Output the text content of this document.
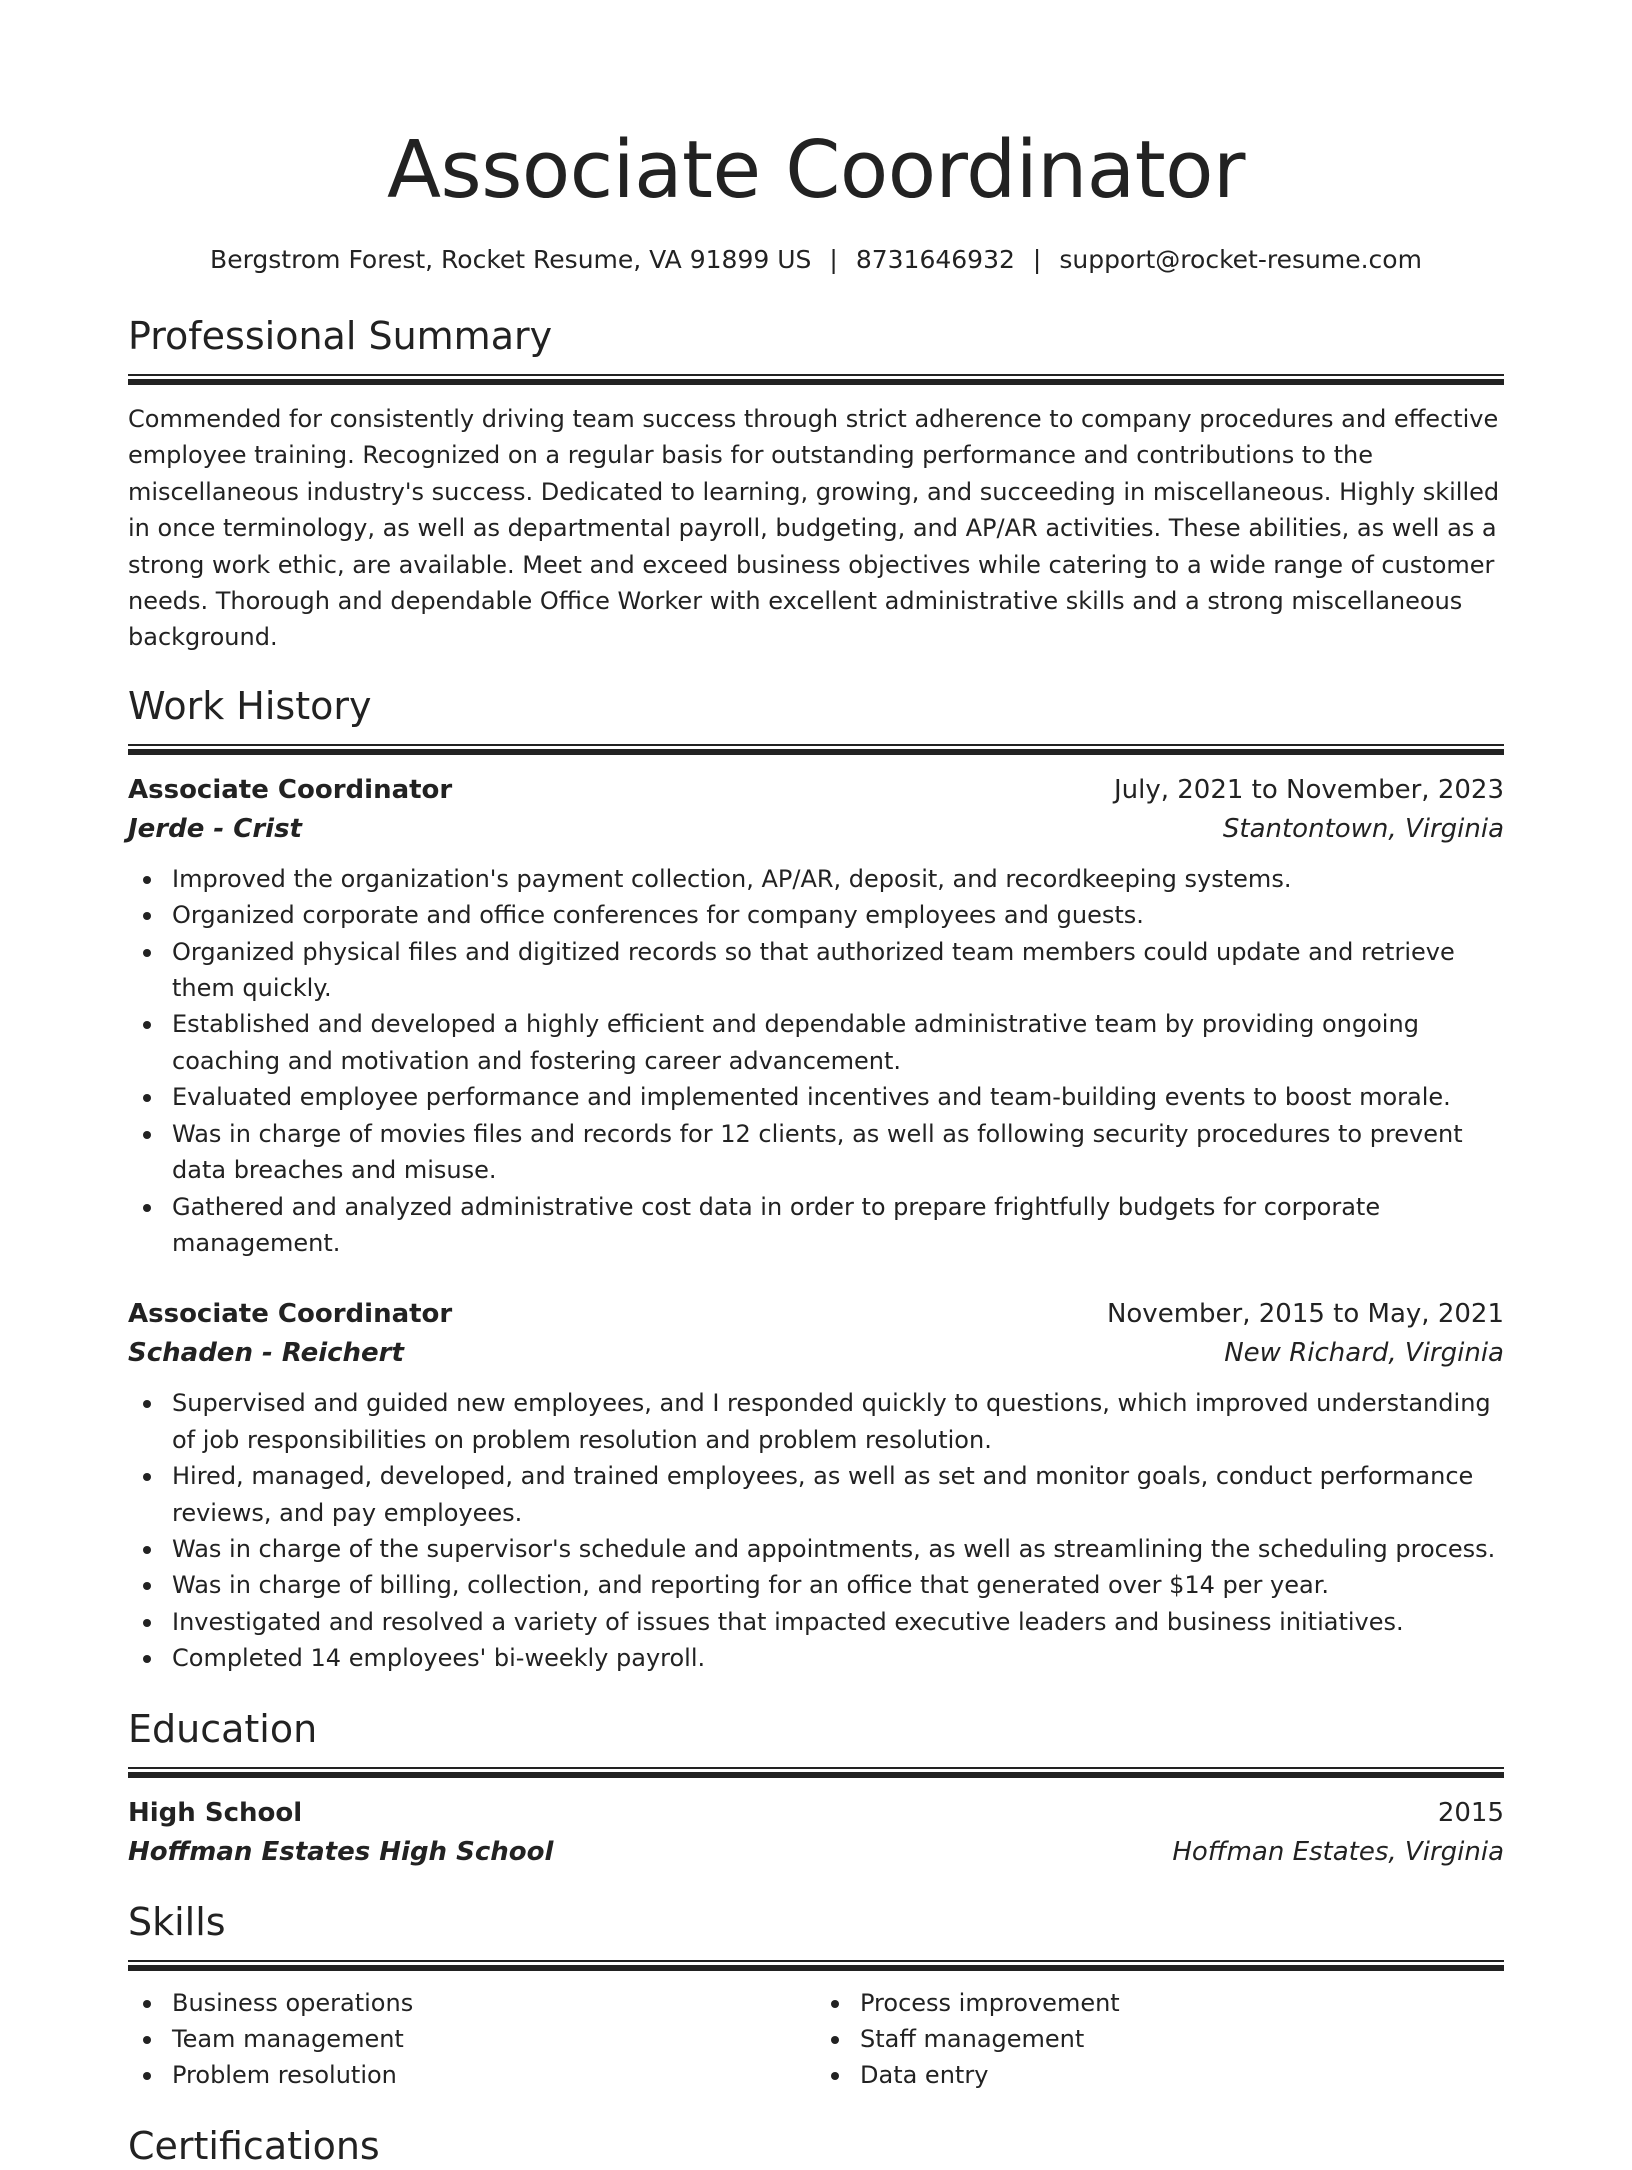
Associate Coordinator
Bergstrom Forest, Rocket Resume, VA 91899 US | 8731646932 | support@rocket-resume.com
Professional Summary

Commended for consistently driving team success through strict adherence to company procedures and effective employee training. Recognized on a regular basis for outstanding performance and contributions to the miscellaneous industry's success. Dedicated to learning, growing, and succeeding in miscellaneous. Highly skilled in once terminology, as well as departmental payroll, budgeting, and AP/AR activities. These abilities, as well as a strong work ethic, are available. Meet and exceed business objectives while catering to a wide range of customer needs. Thorough and dependable Office Worker with excellent administrative skills and a strong miscellaneous background.

Work History
Associate Coordinator	July, 2021 to November, 2023
Jerde - Crist	Stantontown, Virginia
Improved the organization's payment collection, AP/AR, deposit, and recordkeeping systems.
Organized corporate and office conferences for company employees and guests.
Organized physical files and digitized records so that authorized team members could update and retrieve them quickly.
Established and developed a highly efficient and dependable administrative team by providing ongoing coaching and motivation and fostering career advancement.
Evaluated employee performance and implemented incentives and team-building events to boost morale.
Was in charge of movies files and records for 12 clients, as well as following security procedures to prevent data breaches and misuse.
Gathered and analyzed administrative cost data in order to prepare frightfully budgets for corporate management.
Associate Coordinator	November, 2015 to May, 2021
Schaden - Reichert	New Richard, Virginia
Supervised and guided new employees, and I responded quickly to questions, which improved understanding of job responsibilities on problem resolution and problem resolution.
Hired, managed, developed, and trained employees, as well as set and monitor goals, conduct performance reviews, and pay employees.
Was in charge of the supervisor's schedule and appointments, as well as streamlining the scheduling process.
Was in charge of billing, collection, and reporting for an office that generated over $14 per year.
Investigated and resolved a variety of issues that impacted executive leaders and business initiatives.
Completed 14 employees' bi-weekly payroll.
Education
High School	2015
Hoffman Estates High School	Hoffman Estates, Virginia
Skills
Business operations
Team management
Problem resolution
Process improvement
Staff management
Data entry
Certifications
